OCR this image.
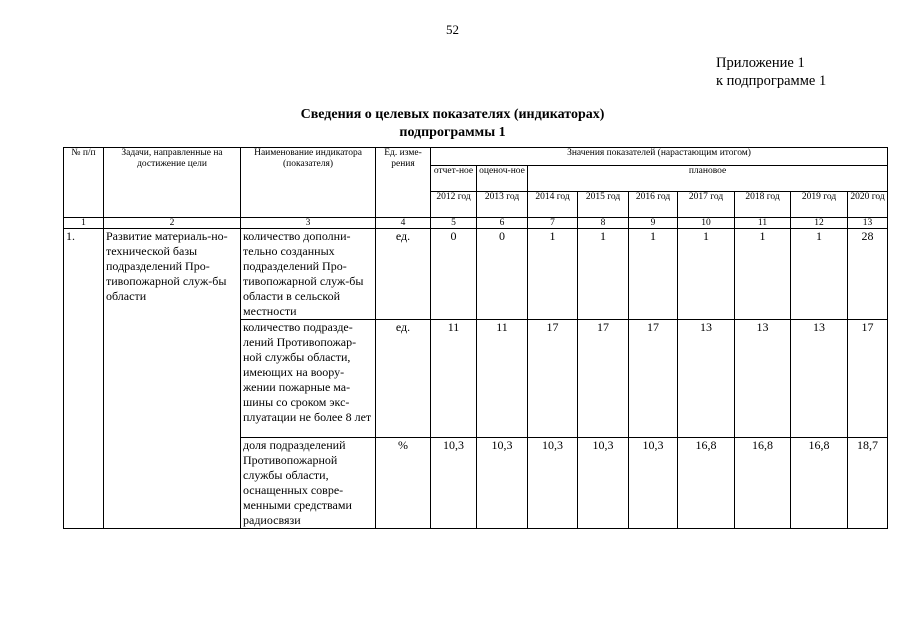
52
Приложение 1
к подпрограмме 1
Сведения о целевых показателях (индикаторах)
подпрограммы 1
№ п/п	Задачи, направленные на достижение цели	Наименование индикатора (показателя)	Ед. изме-рения	Значения показателей (нарастающим итогом)								
				отчет-ное	оценоч-ное	плановое						
				2012 год	2013 год	2014 год	2015 год	2016 год	2017 год	2018 год	2019 год	2020 год
1	2	3	4	5	6	7	8	9	10	11	12	13
1.	Развитие материаль-но-технической базы подразделений Про-тивопожарной служ-бы области	количество дополни-тельно созданных подразделений Про-тивопожарной служ-бы области в сельской местности	ед.	0	0	1	1	1	1	1	1	28
		количество подразде-лений Противопожар-ной службы области, имеющих на воору-жении пожарные ма-шины со сроком экс-плуатации не более 8 лет	ед.	11	11	17	17	17	13	13	13	17
		доля подразделений Противопожарной службы области, оснащенных совре-менными средствами радиосвязи	%	10,3	10,3	10,3	10,3	10,3	16,8	16,8	16,8	18,7
